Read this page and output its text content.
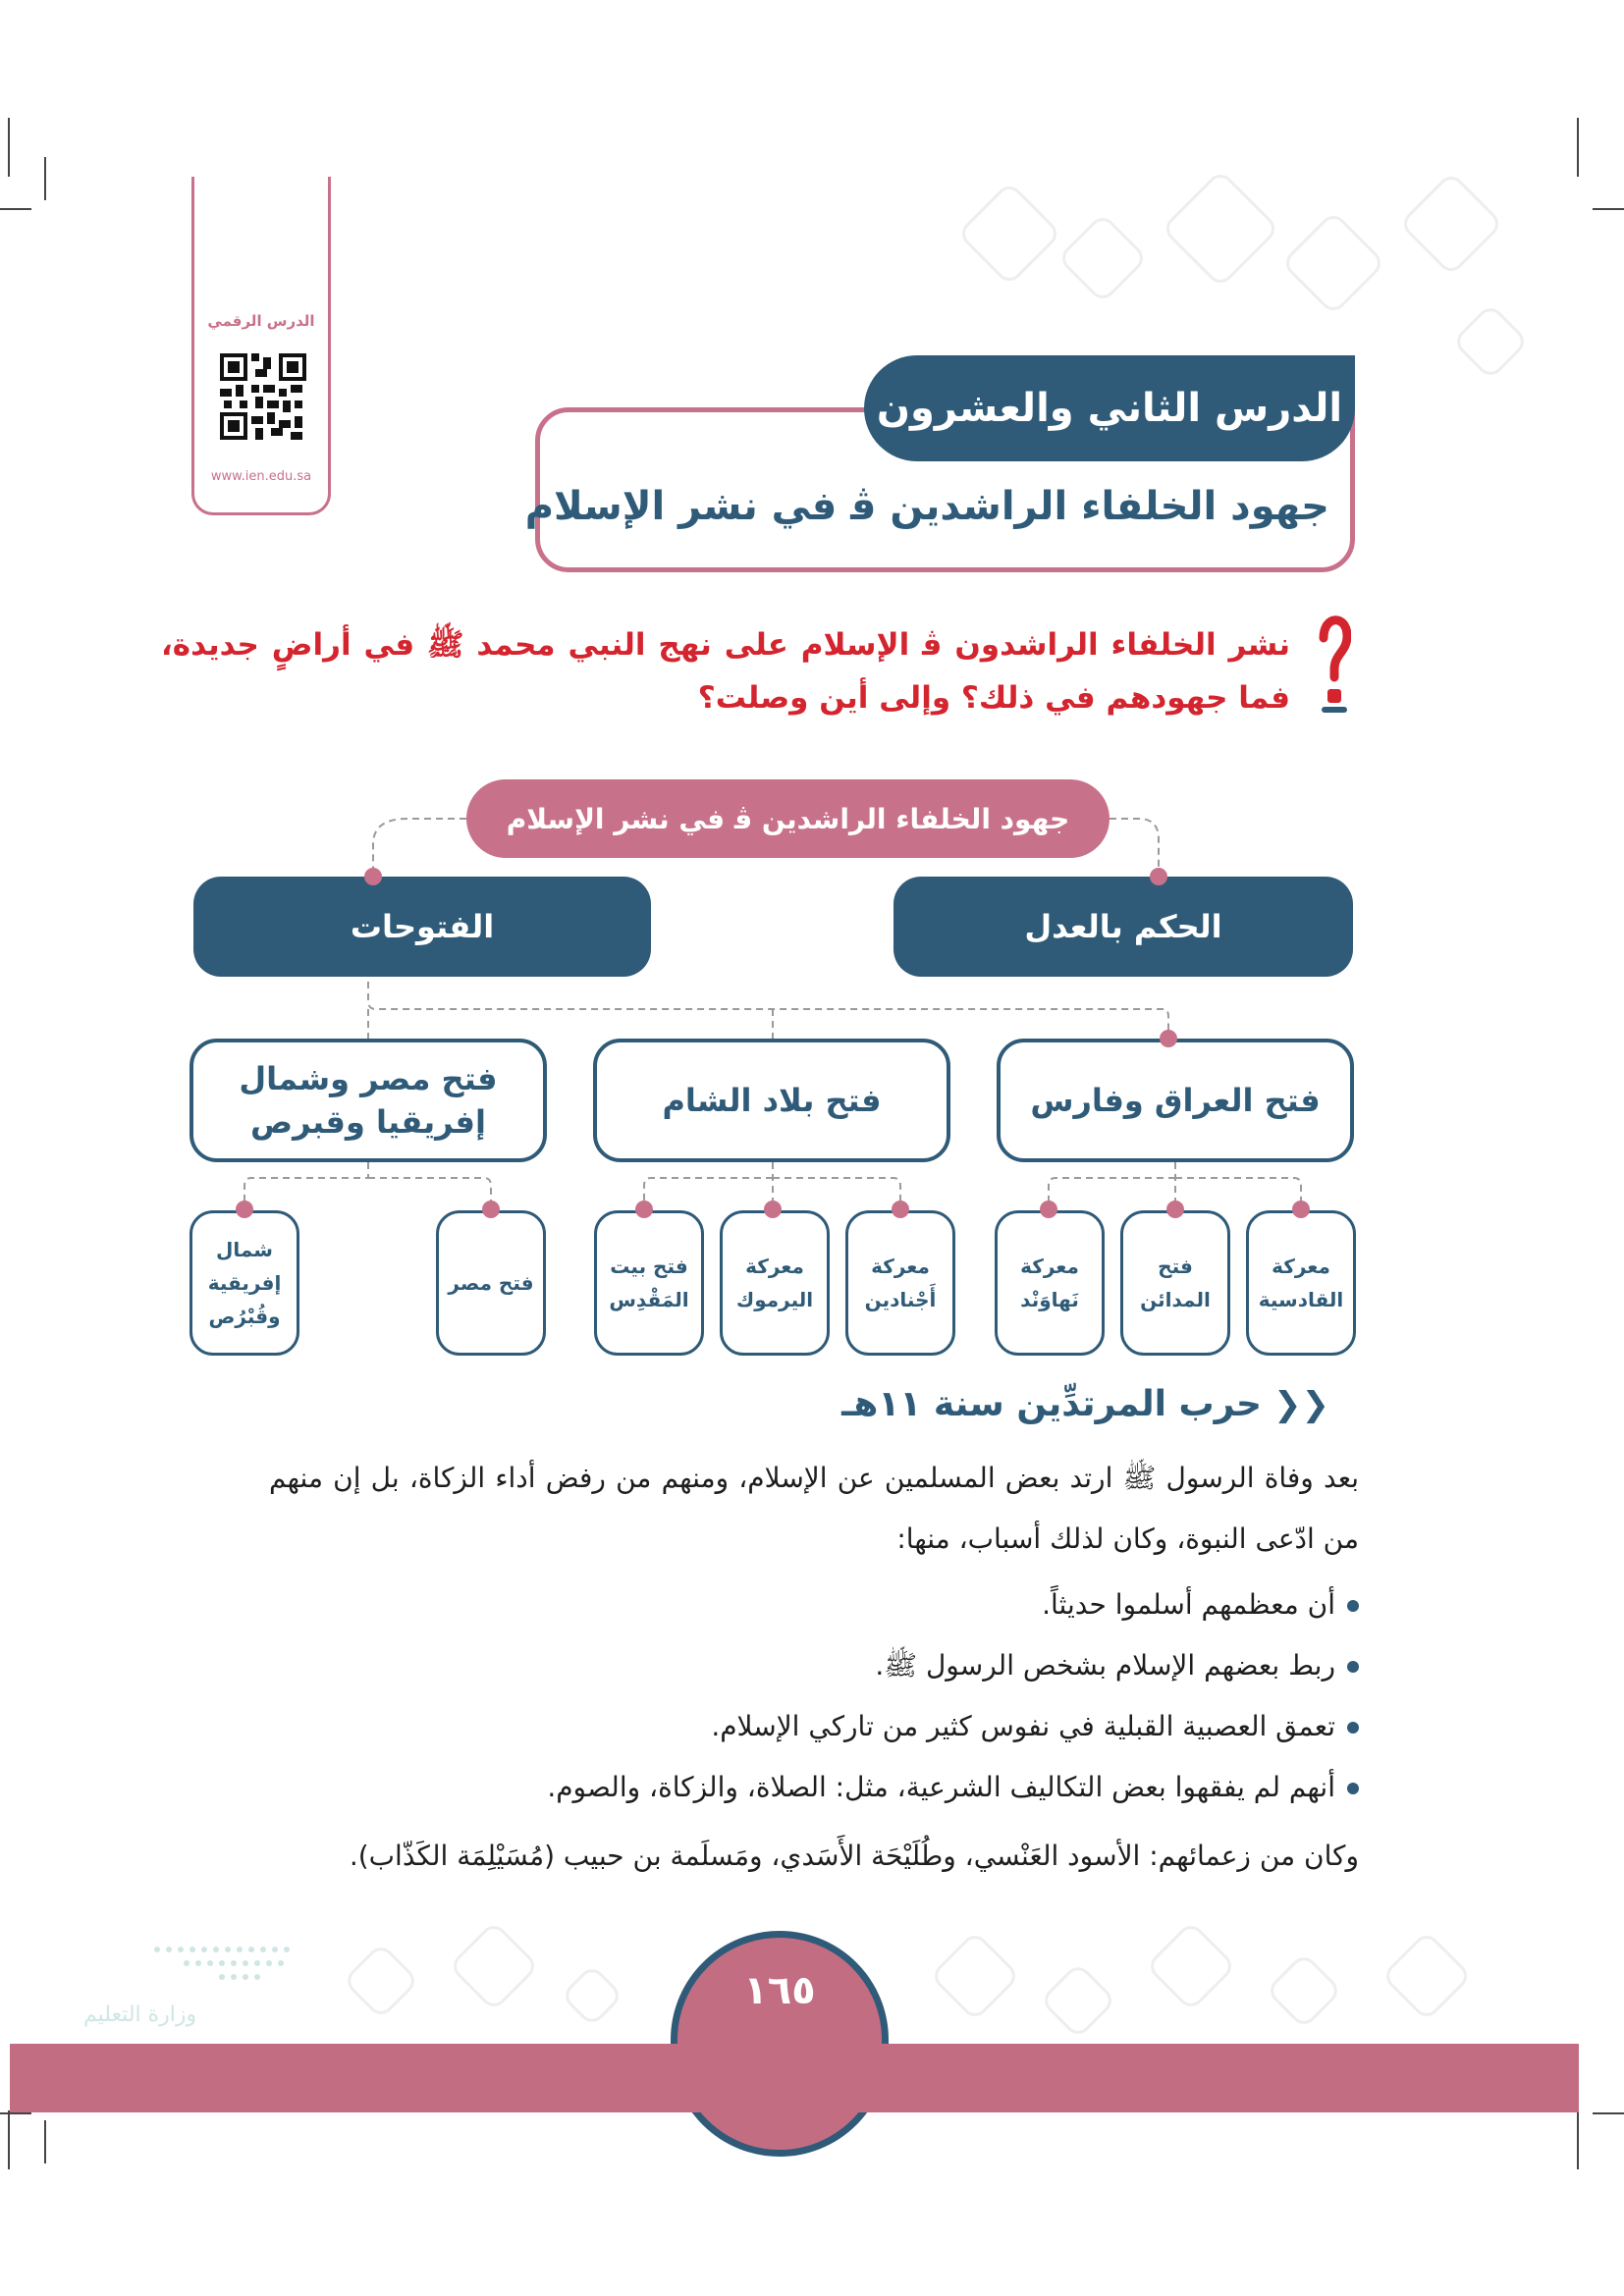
الدرس الرقمي
www.ien.edu.sa
الدرس الثاني والعشرون
جهود الخلفاء الراشدين ﭬ في نشر الإسلام
نشر الخلفاء الراشدون ﭬ الإسلام على نهج النبي محمد ﷺ في أراضٍ جديدة، فما جهودهم في ذلك؟ وإلى أين وصلت؟
جهود الخلفاء الراشدين ﭬ في نشر الإسلام
الحكم بالعدل
الفتوحات
فتح العراق وفارس
فتح بلاد الشام
فتح مصر وشمال إفريقيا وقبرص
معركة القادسية
فتح المدائن
معركة نَهاوَنْد
معركة أَجْنادين
معركة اليرموك
فتح بيت المَقْدِس
فتح مصر
شمال إفريقية وقُبْرُص
❮❮
حرب المرتدِّين سنة ١١هـ
بعد وفاة الرسول ﷺ ارتد بعض المسلمين عن الإسلام، ومنهم من رفض أداء الزكاة، بل إن منهم من ادّعى النبوة، وكان لذلك أسباب، منها:
أن معظمهم أسلموا حديثاً.
ربط بعضهم الإسلام بشخص الرسول ﷺ.
تعمق العصبية القبلية في نفوس كثير من تاركي الإسلام.
أنهم لم يفقهوا بعض التكاليف الشرعية، مثل: الصلاة، والزكاة، والصوم.
وكان من زعمائهم: الأسود العَنْسي، وطُلَيْحَة الأَسَدي، ومَسلَمة بن حبيب (مُسَيْلِمَة الكَذّاب).
١٦٥
وزارة التعليم
